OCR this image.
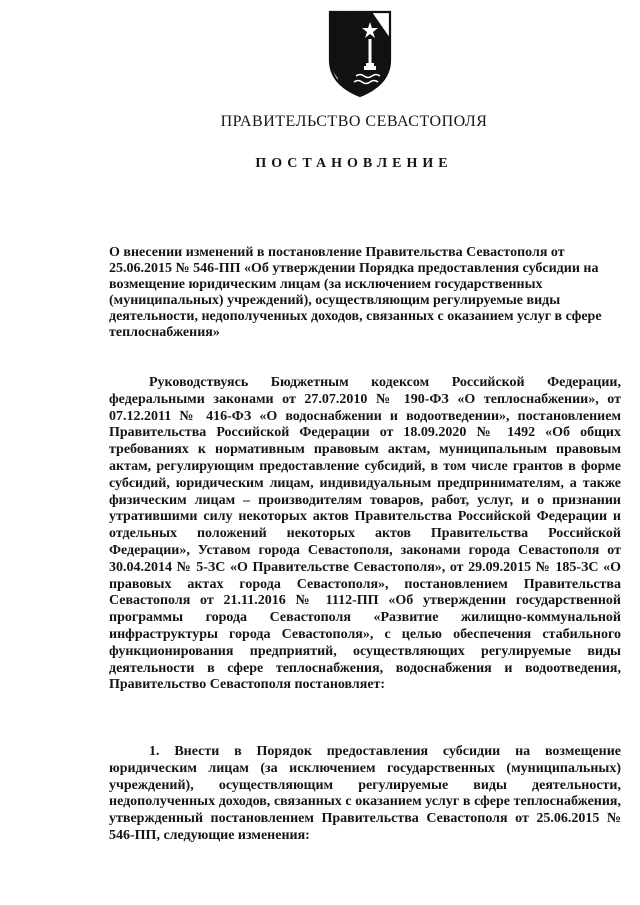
ПРАВИТЕЛЬСТВО СЕВАСТОПОЛЯ
ПОСТАНОВЛЕНИЕ

О внесении изменений в постановление Правительства Севастополя от 25.06.2015 № 546-ПП «Об утверждении Порядка предоставления субсидии на возмещение юридическим лицам (за исключением государственных (муниципальных) учреждений), осуществляющим регулируемые виды деятельности, недополученных доходов, связанных с оказанием услуг в сфере теплоснабжения»

Руководствуясь Бюджетным кодексом Российской Федерации, федеральными законами от 27.07.2010 № 190-ФЗ «О теплоснабжении», от 07.12.2011 № 416-ФЗ «О водоснабжении и водоотведении», постановлением Правительства Российской Федерации от 18.09.2020 № 1492 «Об общих требованиях к нормативным правовым актам, муниципальным правовым актам, регулирующим предоставление субсидий, в том числе грантов в форме субсидий, юридическим лицам, индивидуальным предпринимателям, а также физическим лицам – производителям товаров, работ, услуг, и о признании утратившими силу некоторых актов Правительства Российской Федерации и отдельных положений некоторых актов Правительства Российской Федерации», Уставом города Севастополя, законами города Севастополя от 30.04.2014 № 5-ЗС «О Правительстве Севастополя», от 29.09.2015 № 185-ЗС «О правовых актах города Севастополя», постановлением Правительства Севастополя от 21.11.2016 № 1112-ПП «Об утверждении государственной программы города Севастополя «Развитие жилищно-коммунальной инфраструктуры города Севастополя», с целью обеспечения стабильного функционирования предприятий, осуществляющих регулируемые виды деятельности в сфере теплоснабжения, водоснабжения и водоотведения, Правительство Севастополя постановляет:

1. Внести в Порядок предоставления субсидии на возмещение юридическим лицам (за исключением государственных (муниципальных) учреждений), осуществляющим регулируемые виды деятельности, недополученных доходов, связанных с оказанием услуг в сфере теплоснабжения, утвержденный постановлением Правительства Севастополя от 25.06.2015 № 546-ПП, следующие изменения:
